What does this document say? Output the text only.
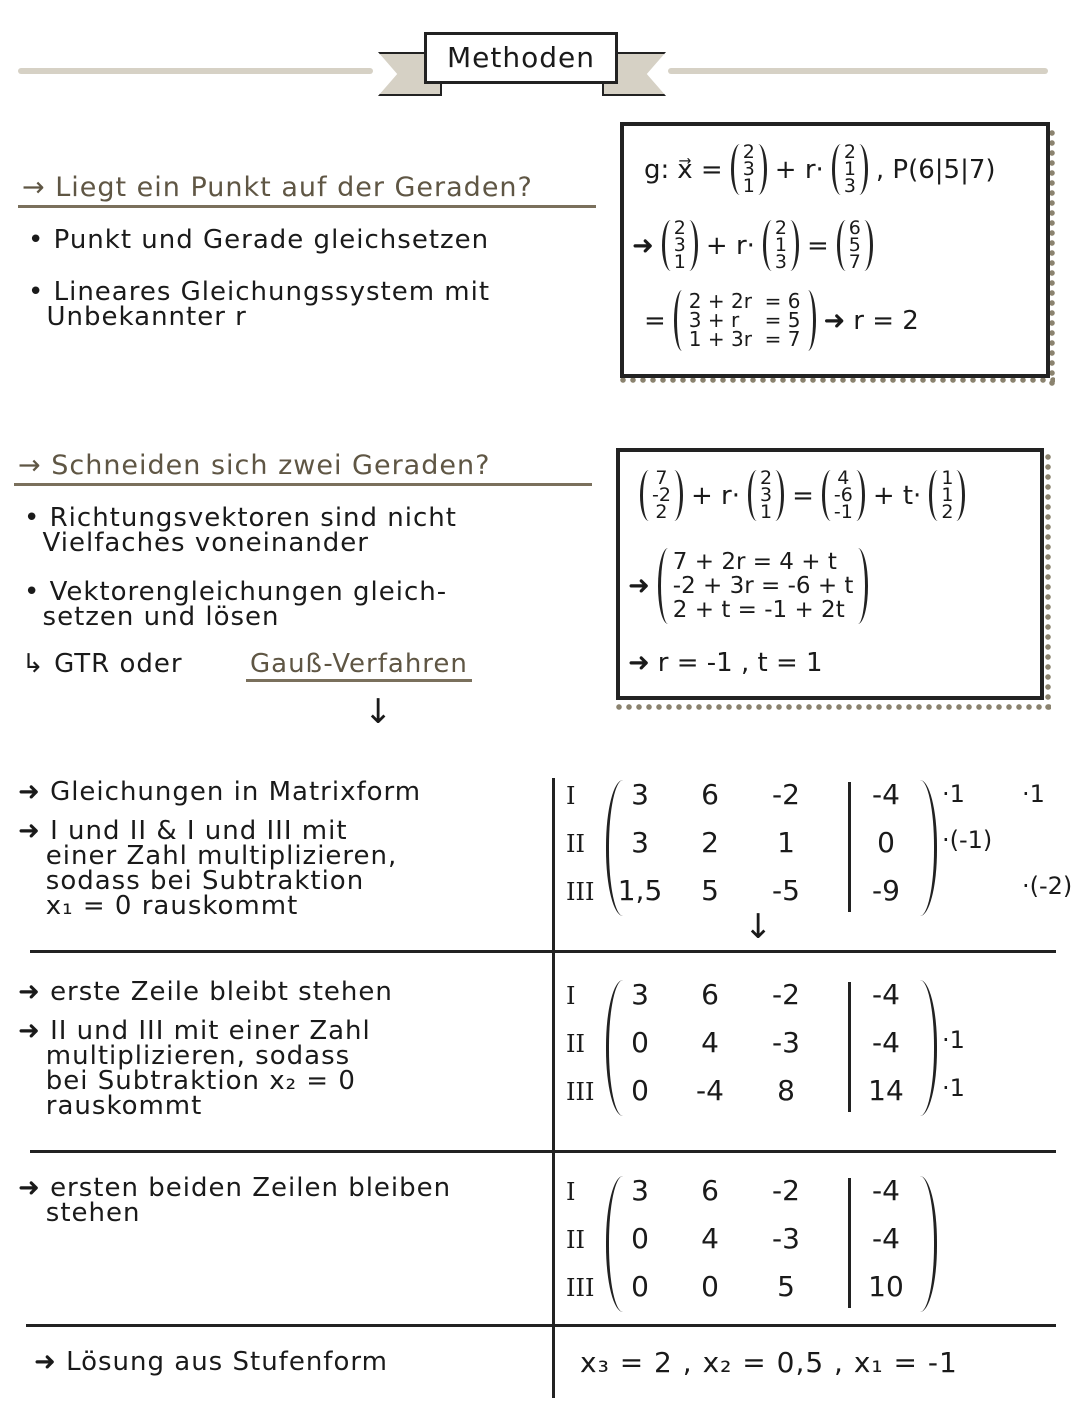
Methoden
→ Liegt ein Punkt auf der Geraden?
• Punkt und Gerade gleichsetzen
• Lineares Gleichungssystem mit
Unbekannter r
g: x⃗ =
2
3
1
+ r·
2
1
3
, P(6|5|7)
➜
2
3
1
+ r·
2
1
3
=
6
5
7
=
2 + 2r  = 6
3 + r    = 5
1 + 3r  = 7
➜ r = 2
→ Schneiden sich zwei Geraden?
• Richtungsvektoren sind nicht
Vielfaches voneinander
• Vektorengleichungen gleich-
setzen und lösen
↳ GTR oder	Gauß-Verfahren
↓
7
-2
2
+ r·
2
3
1
=
4
-6
-1
+ t·
1
1
2
➜
7 + 2r = 4 + t
-2 + 3r = -6 + t
2 + t = -1 + 2t
➜ r = -1 , t = 1
↓
➜ Gleichungen in Matrixform
➜ I und II & I und III mit
einer Zahl multiplizieren,
sodass bei Subtraktion
x₁ = 0 rauskommt
I	3	6	-2	-4
II	3	2	1	0
III 1,5	5	-5	-9
·1 ·1
·(-1)
·(-2)
➜ erste Zeile bleibt stehen
➜ II und III mit einer Zahl
multiplizieren, sodass
bei Subtraktion x₂ = 0
rauskommt
I	3	6	-2	-4
II	0	4	-3	-4
III	0	-4	8	14
·1
·1
➜ ersten beiden Zeilen bleiben
stehen
I	3	6	-2	-4
II	0	4	-3	-4
III	0	0	5	10
➜ Lösung aus Stufenform	x₃ = 2 , x₂ = 0,5 , x₁ = -1
